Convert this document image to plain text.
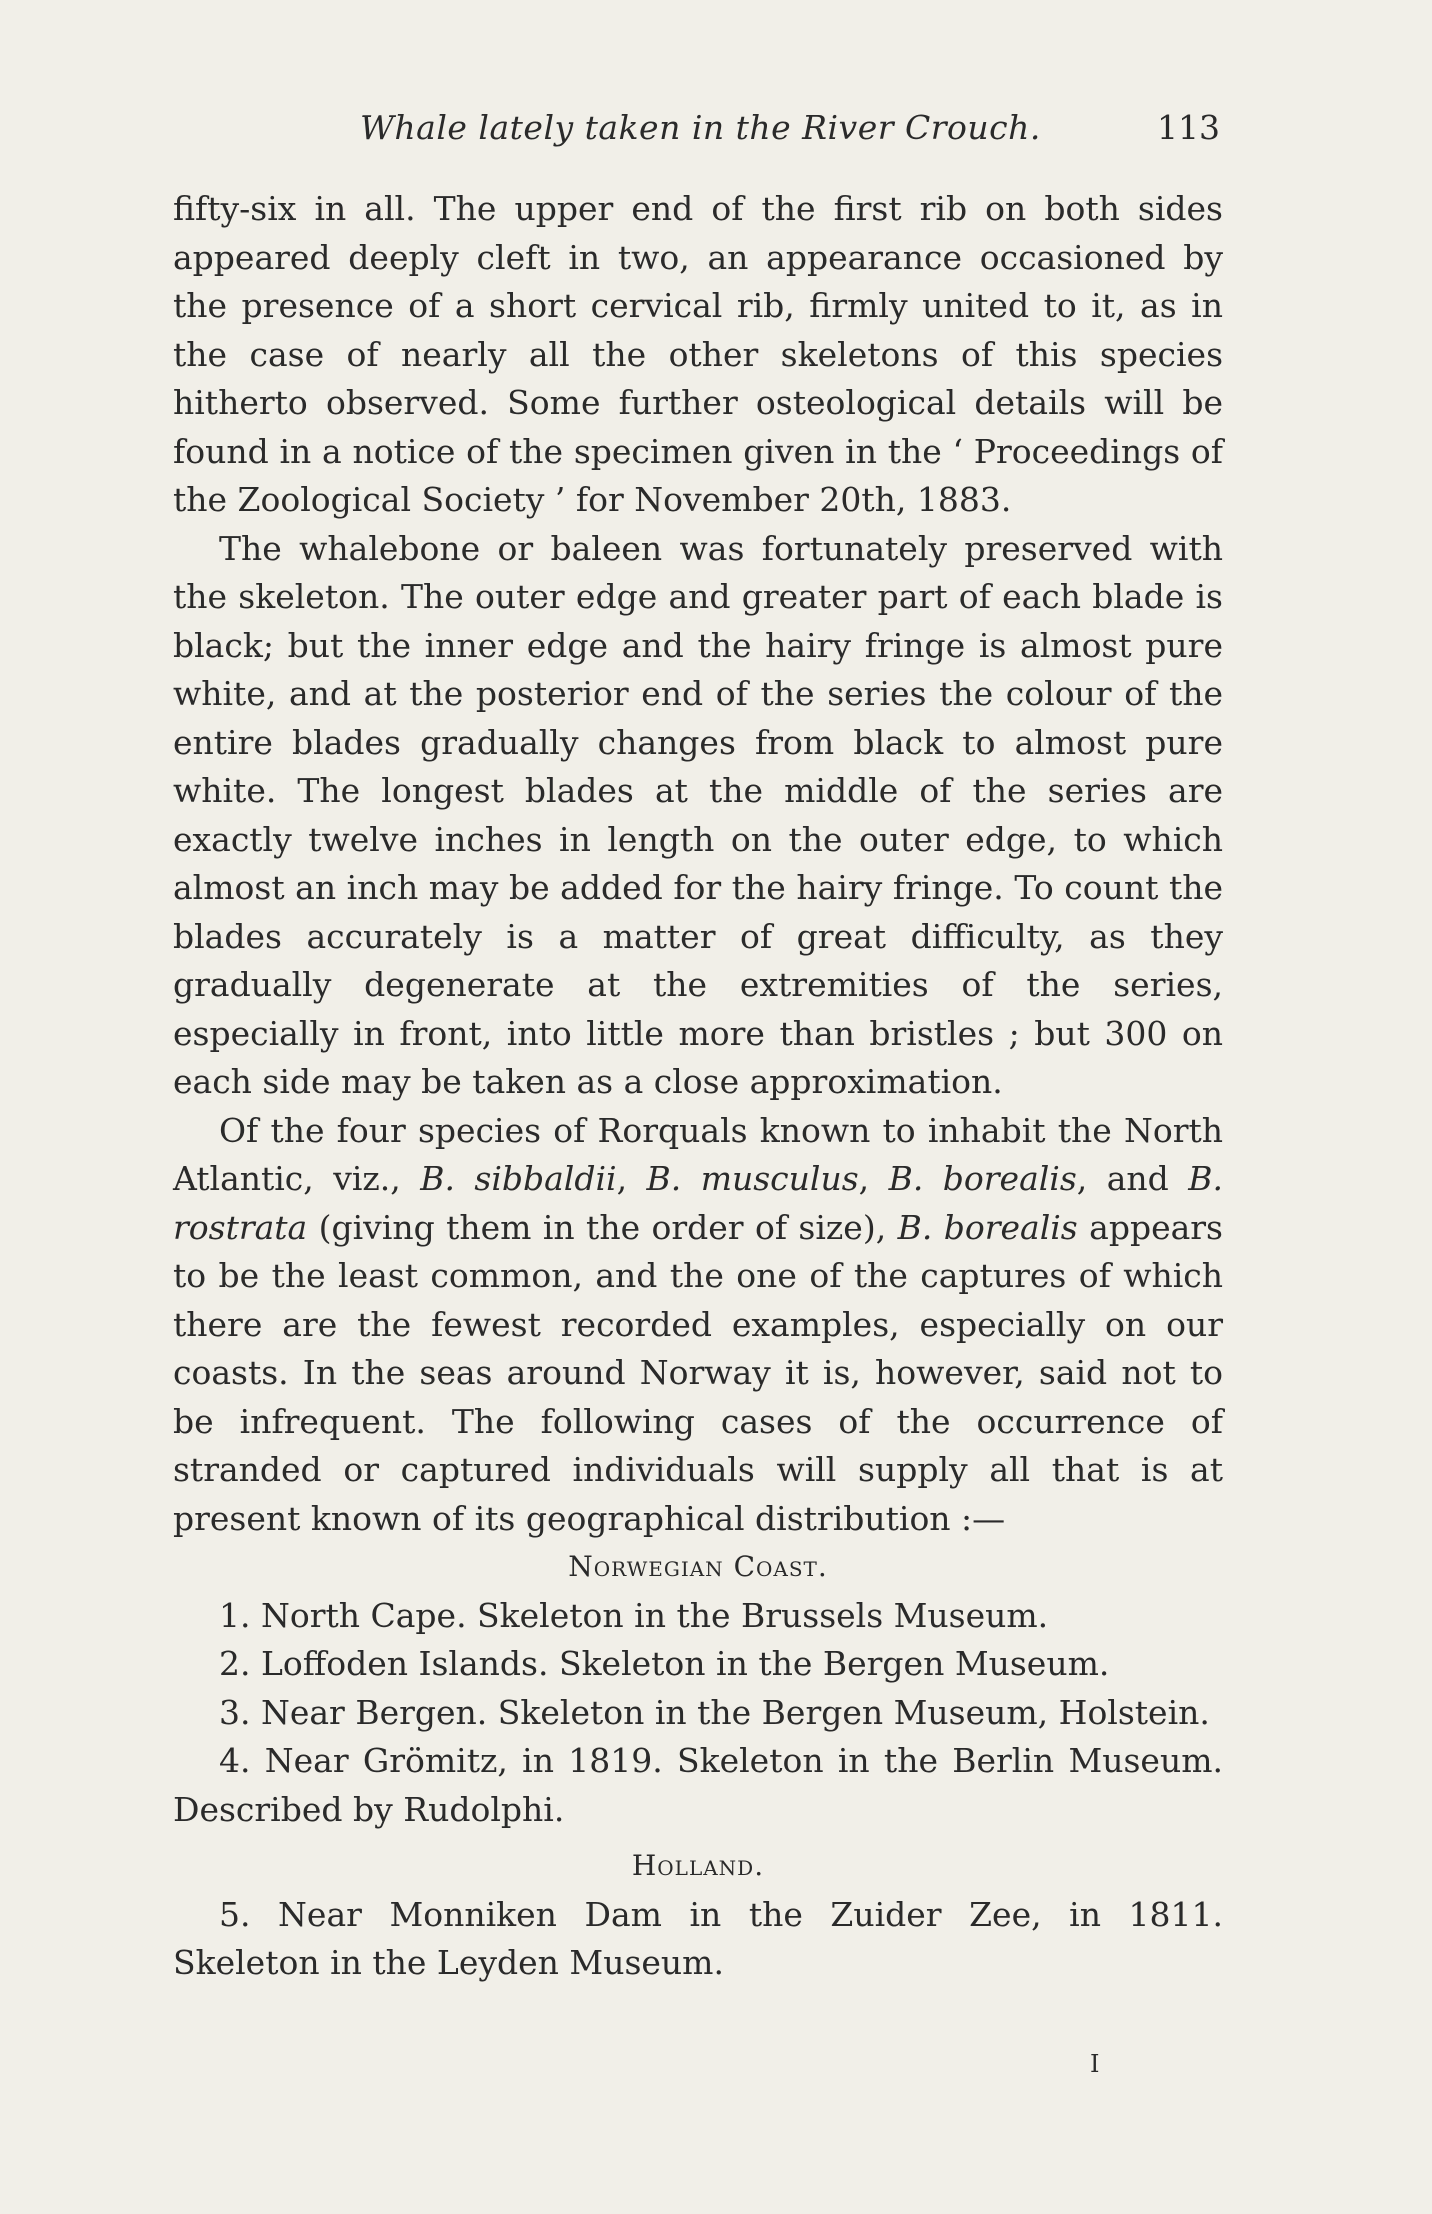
Whale lately taken in the River Crouch.	113

fifty-six in all. The upper end of the first rib on both sides appeared deeply cleft in two, an appearance occasioned by the presence of a short cervical rib, firmly united to it, as in the case of nearly all the other skeletons of this species hitherto observed. Some further osteological details will be found in a notice of the specimen given in the ‘ Proceedings of the Zoological Society ’ for November 20th, 1883.

The whalebone or baleen was fortunately preserved with the skeleton. The outer edge and greater part of each blade is black; but the inner edge and the hairy fringe is almost pure white, and at the posterior end of the series the colour of the entire blades gradually changes from black to almost pure white. The longest blades at the middle of the series are exactly twelve inches in length on the outer edge, to which almost an inch may be added for the hairy fringe. To count the blades accurately is a matter of great difficulty, as they gradually degenerate at the extremities of the series, especially in front, into little more than bristles ; but 300 on each side may be taken as a close approximation.

Of the four species of Rorquals known to inhabit the North Atlantic, viz., B. sibbaldii, B. musculus, B. borealis, and B. rostrata (giving them in the order of size), B. borealis appears to be the least common, and the one of the captures of which there are the fewest recorded examples, especially on our coasts. In the seas around Norway it is, however, said not to be infrequent. The following cases of the occurrence of stranded or captured individuals will supply all that is at present known of its geographical distribution :—

Norwegian Coast.

1. North Cape. Skeleton in the Brussels Museum.

2. Loffoden Islands. Skeleton in the Bergen Museum.

3. Near Bergen. Skeleton in the Bergen Museum, Holstein.

4. Near Grömitz, in 1819. Skeleton in the Berlin Museum. Described by Rudolphi.

Holland.

5. Near Monniken Dam in the Zuider Zee, in 1811. Skeleton in the Leyden Museum.

I
